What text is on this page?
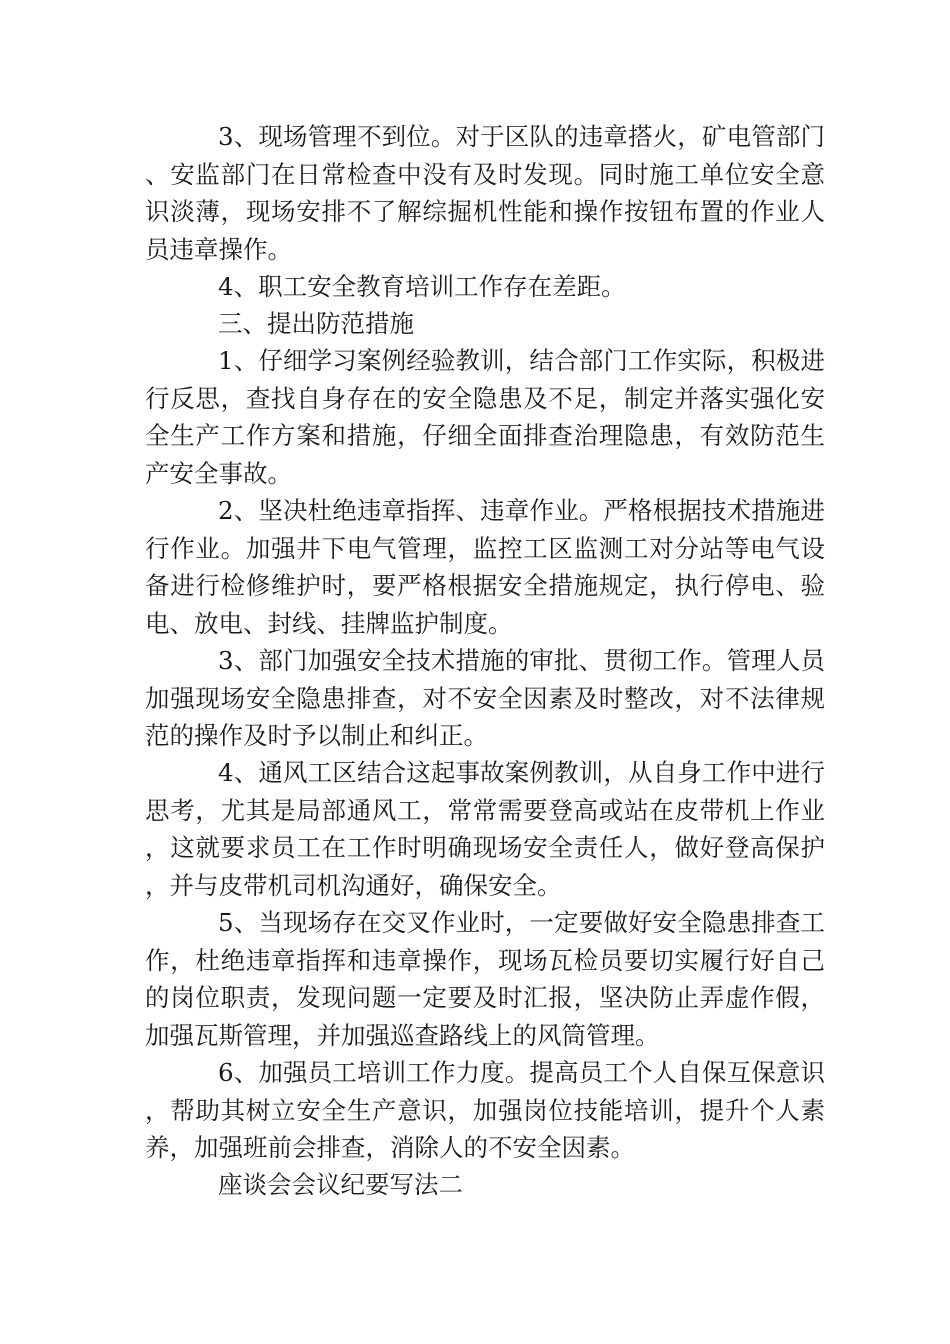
3、现场管理不到位。对于区队的违章搭火，矿电管部门、安监部门在日常检查中没有及时发现。同时施工单位安全意识淡薄，现场安排不了解综掘机性能和操作按钮布置的作业人员违章操作。

4、职工安全教育培训工作存在差距。

三、提出防范措施

1、仔细学习案例经验教训，结合部门工作实际，积极进行反思，查找自身存在的安全隐患及不足，制定并落实强化安全生产工作方案和措施，仔细全面排查治理隐患，有效防范生产安全事故。

2、坚决杜绝违章指挥、违章作业。严格根据技术措施进行作业。加强井下电气管理，监控工区监测工对分站等电气设备进行检修维护时，要严格根据安全措施规定，执行停电、验电、放电、封线、挂牌监护制度。

3、部门加强安全技术措施的审批、贯彻工作。管理人员加强现场安全隐患排查，对不安全因素及时整改，对不法律规范的操作及时予以制止和纠正。

4、通风工区结合这起事故案例教训，从自身工作中进行思考，尤其是局部通风工，常常需要登高或站在皮带机上作业，这就要求员工在工作时明确现场安全责任人，做好登高保护，并与皮带机司机沟通好，确保安全。

5、当现场存在交叉作业时，一定要做好安全隐患排查工作，杜绝违章指挥和违章操作，现场瓦检员要切实履行好自己的岗位职责，发现问题一定要及时汇报，坚决防止弄虚作假，加强瓦斯管理，并加强巡查路线上的风筒管理。

6、加强员工培训工作力度。提高员工个人自保互保意识，帮助其树立安全生产意识，加强岗位技能培训，提升个人素养，加强班前会排查，消除人的不安全因素。

座谈会会议纪要写法二
